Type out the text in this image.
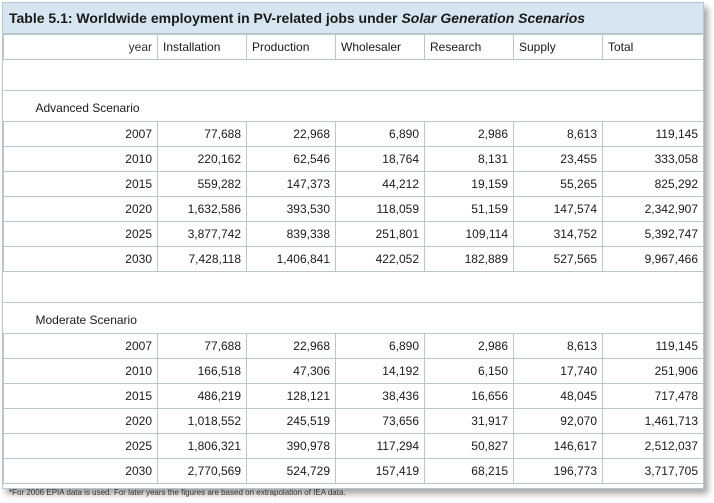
Table 5.1: Worldwide employment in PV-related jobs under Solar Generation Scenarios
year	Installation	Production	Wholesaler	Research	Supply	Total

Advanced Scenario						
2007	77,688	22,968	6,890	2,986	8,613	119,145
2010	220,162	62,546	18,764	8,131	23,455	333,058
2015	559,282	147,373	44,212	19,159	55,265	825,292
2020	1,632,586	393,530	118,059	51,159	147,574	2,342,907
2025	3,877,742	839,338	251,801	109,114	314,752	5,392,747
2030	7,428,118	1,406,841	422,052	182,889	527,565	9,967,466

Moderate Scenario						
2007	77,688	22,968	6,890	2,986	8,613	119,145
2010	166,518	47,306	14,192	6,150	17,740	251,906
2015	486,219	128,121	38,436	16,656	48,045	717,478
2020	1,018,552	245,519	73,656	31,917	92,070	1,461,713
2025	1,806,321	390,978	117,294	50,827	146,617	2,512,037
2030	2,770,569	524,729	157,419	68,215	196,773	3,717,705
*For 2006 EPIA data is used. For later years the figures are based on extrapolation of IEA data.
